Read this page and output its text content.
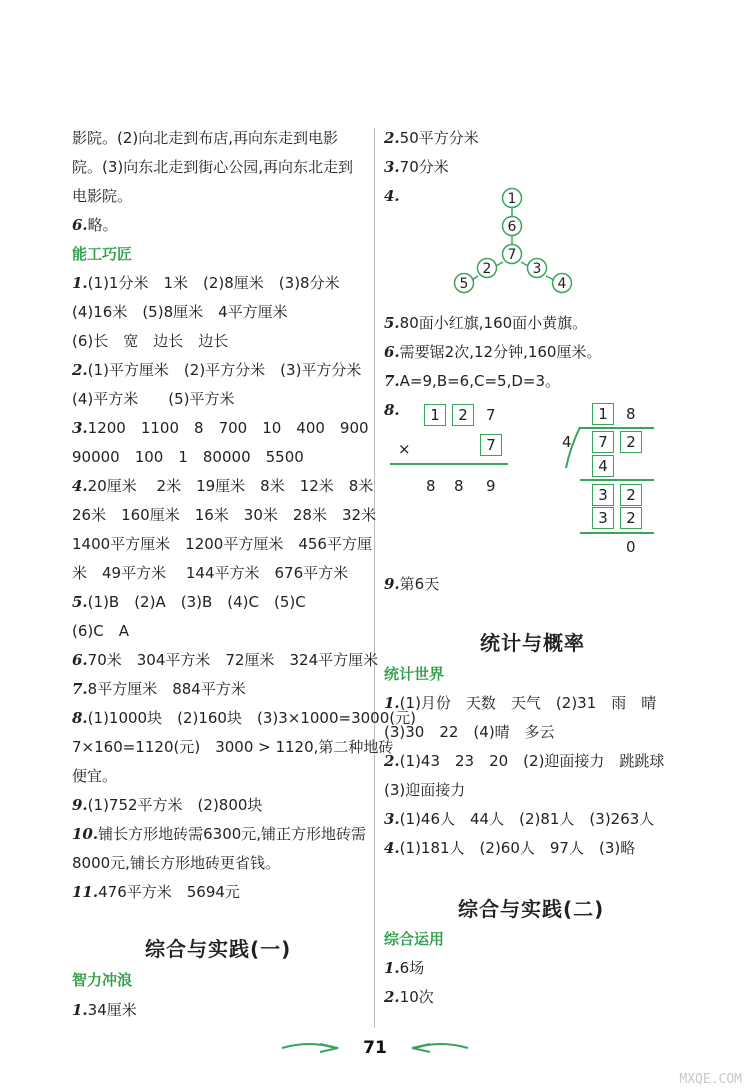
影院。(2)向北走到布店,再向东走到电影
院。(3)向东北走到街心公园,再向东北走到
电影院。
6.略。
能工巧匠
1.(1)1分米　1米　(2)8厘米　(3)8分米
(4)16米　(5)8厘米　4平方厘米
(6)长　宽　边长　边长
2.(1)平方厘米　(2)平方分米　(3)平方分米
(4)平方米　　(5)平方米
3.1200　1100　8　700　10　400　900
90000　100　1　80000　5500
4.20厘米　 2米　19厘米　8米　12米　8米
26米　160厘米　16米　30米　28米　32米
1400平方厘米　1200平方厘米　456平方厘
米　49平方米　 144平方米　676平方米
5.(1)B　(2)A　(3)B　(4)C　(5)C
(6)C　A
6.70米　304平方米　72厘米　324平方厘米
7.8平方厘米　884平方米
8.(1)1000块　(2)160块　(3)3×1000=3000(元)
7×160=1120(元)　3000 > 1120,第二种地砖
便宜。
9.(1)752平方米　(2)800块
10.铺长方形地砖需6300元,铺正方形地砖需
8000元,铺长方形地砖更省钱。
11.476平方米　5694元
综合与实践(一)
智力冲浪
1.34厘米
2.50平方分米
3.70分米
4.	1
6
7
2	3
5	4
5.80面小红旗,160面小黄旗。
6.需要锯2次,12分钟,160厘米。
7.A=9,B=6,C=5,D=3。
8.	1	2	7
×	7
8 8 9
1	8
4	7	2
4
3	2
3	2
0
9.第6天
统计与概率
统计世界
1.(1)月份　天数　天气　(2)31　雨　晴
(3)30　22　(4)晴　多云
2.(1)43　23　20　(2)迎面接力　跳跳球
(3)迎面接力
3.(1)46人　44人　(2)81人　(3)263人
4.(1)181人　(2)60人　97人　(3)略
综合与实践(二)
综合运用
1.6场
2.10次
71
MXQE.COM
